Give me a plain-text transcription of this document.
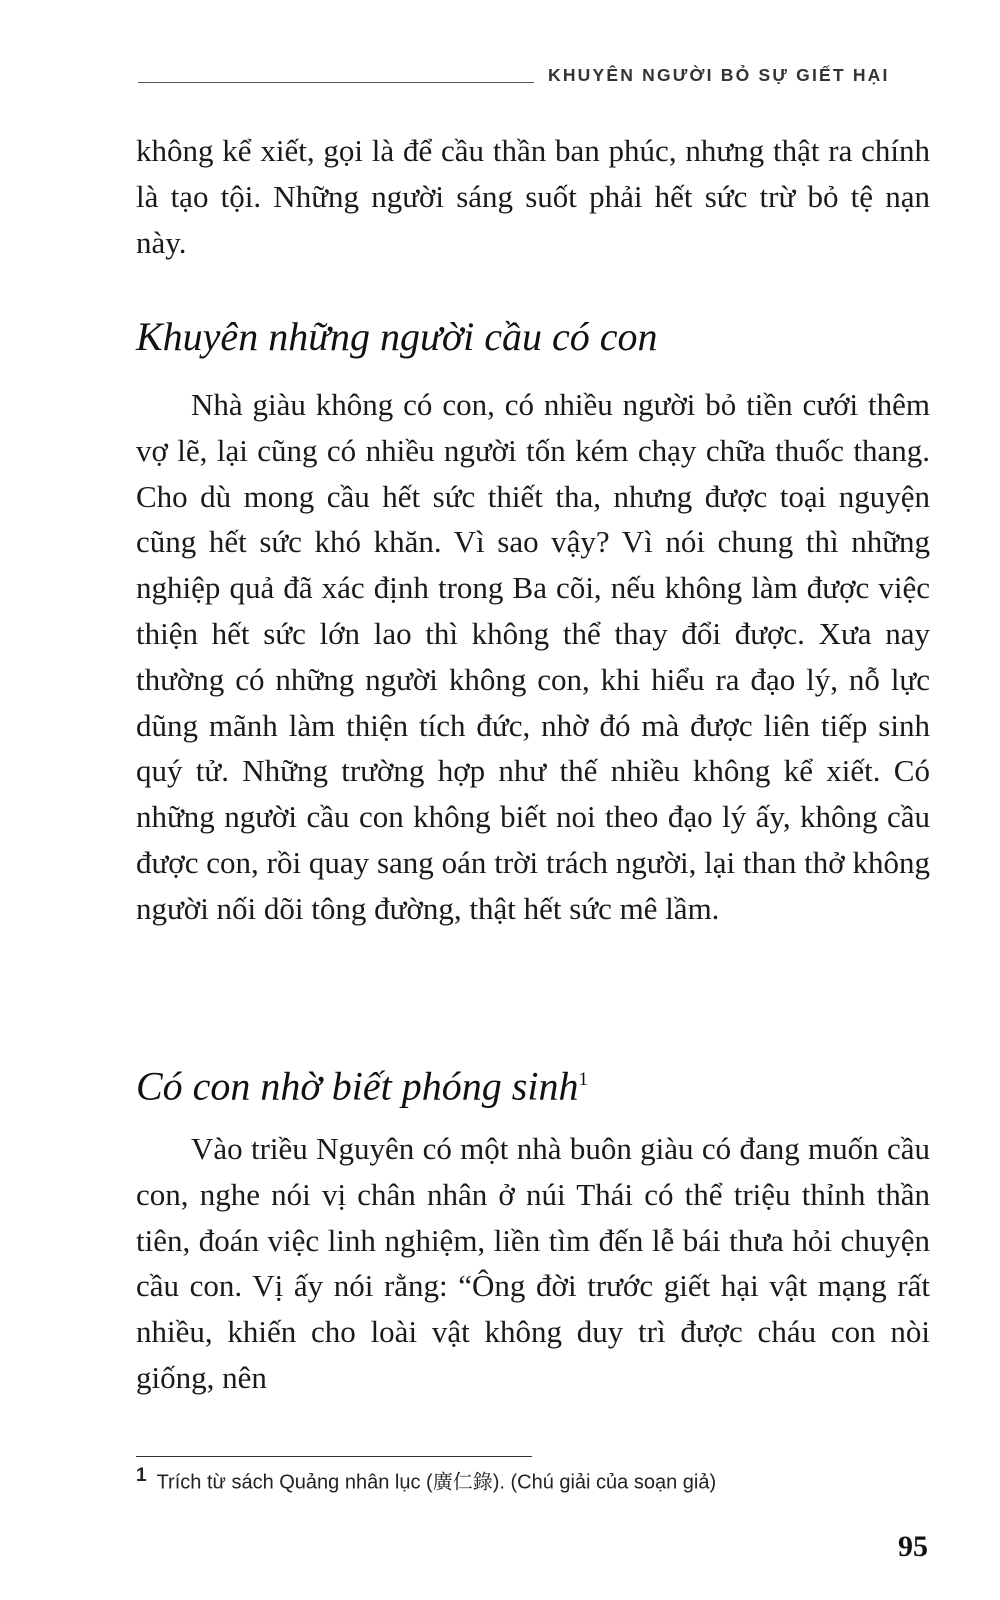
KHUYÊN NGƯỜI BỎ SỰ GIẾT HẠI

không kể xiết, gọi là để cầu thần ban phúc, nhưng thật ra chính là tạo tội. Những người sáng suốt phải hết sức trừ bỏ tệ nạn này.

Khuyên những người cầu có con

Nhà giàu không có con, có nhiều người bỏ tiền cưới thêm vợ lẽ, lại cũng có nhiều người tốn kém chạy chữa thuốc thang. Cho dù mong cầu hết sức thiết tha, nhưng được toại nguyện cũng hết sức khó khăn. Vì sao vậy? Vì nói chung thì những nghiệp quả đã xác định trong Ba cõi, nếu không làm được việc thiện hết sức lớn lao thì không thể thay đổi được. Xưa nay thường có những người không con, khi hiểu ra đạo lý, nỗ lực dũng mãnh làm thiện tích đức, nhờ đó mà được liên tiếp sinh quý tử. Những trường hợp như thế nhiều không kể xiết. Có những người cầu con không biết noi theo đạo lý ấy, không cầu được con, rồi quay sang oán trời trách người, lại than thở không người nối dõi tông đường, thật hết sức mê lầm.

Có con nhờ biết phóng $\sinh^1$

Vào triều Nguyên có một nhà buôn giàu có đang muốn cầu con, nghe nói vị chân nhân ở núi Thái có thể triệu thỉnh thần tiên, đoán việc linh nghiệm, liền tìm đến lễ bái thưa hỏi chuyện cầu con. Vị ấy nói rằng: “Ông đời trước giết hại vật mạng rất nhiều, khiến cho loài vật không duy trì được cháu con nòi giống, nên

1 Trích từ sách Quảng nhân lục (廣仁錄). (Chú giải của soạn giả)
95
